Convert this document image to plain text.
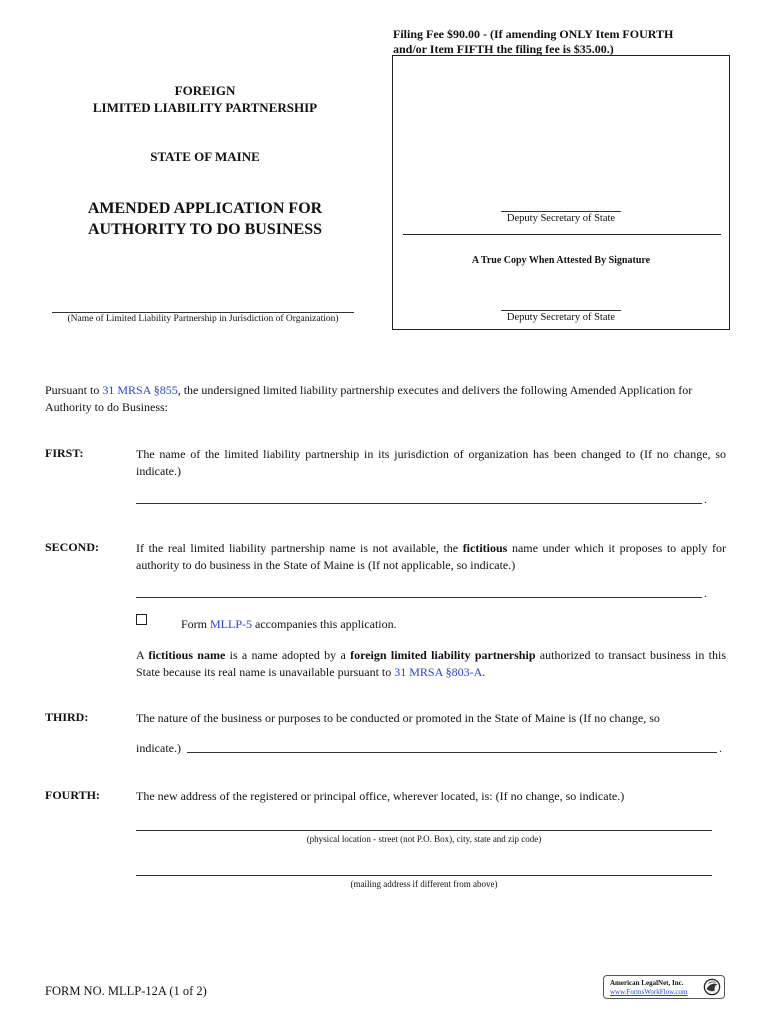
Filing Fee $90.00 - (If amending ONLY Item FOURTH
and/or Item FIFTH the filing fee is $35.00.)
Deputy Secretary of State
A True Copy When Attested By Signature
Deputy Secretary of State
FOREIGN
LIMITED LIABILITY PARTNERSHIP
STATE OF MAINE
AMENDED APPLICATION FOR
AUTHORITY TO DO BUSINESS
(Name of Limited Liability Partnership in Jurisdiction of Organization)
Pursuant to 31 MRSA §855, the undersigned limited liability partnership executes and delivers the following Amended Application for Authority to do Business:
FIRST:	The name of the limited liability partnership in its jurisdiction of organization has been changed to (If no change, so indicate.)
.
SECOND:	If the real limited liability partnership name is not available, the fictitious name under which it proposes to apply for authority to do business in the State of Maine is (If not applicable, so indicate.)
.
Form MLLP-5 accompanies this application.
A fictitious name is a name adopted by a foreign limited liability partnership authorized to transact business in this State because its real name is unavailable pursuant to 31 MRSA §803-A.
THIRD:	The nature of the business or purposes to be conducted or promoted in the State of Maine is (If no change, so
indicate.)	.
FOURTH:	The new address of the registered or principal office, wherever located, is: (If no change, so indicate.)
(physical location - street (not P.O. Box), city, state and zip code)
(mailing address if different from above)
FORM NO. MLLP-12A (1 of 2)
American LegalNet, Inc.
www.FormsWorkFlow.com
